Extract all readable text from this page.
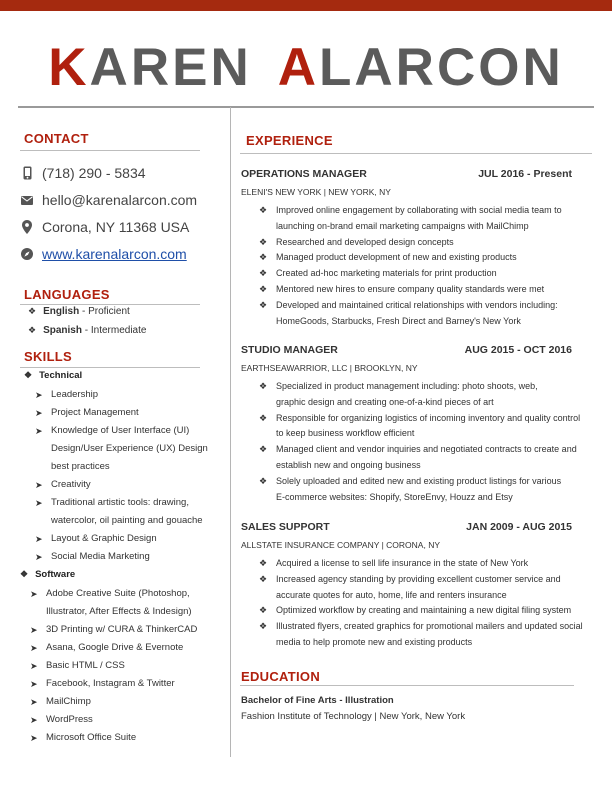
KAREN ALARCON
CONTACT
(718) 290 - 5834
hello@karenalarcon.com
Corona, NY 11368 USA
www.karenalarcon.com
LANGUAGES
❖ English - Proficient
❖ Spanish - Intermediate
SKILLS
❖ Technical
➤ Leadership
➤ Project Management
➤ Knowledge of User Interface (UI)
Design/User Experience (UX) Design
best practices
➤ Creativity
➤ Traditional artistic tools: drawing,
watercolor, oil painting and gouache
➤ Layout & Graphic Design
➤ Social Media Marketing
❖ Software
➤ Adobe Creative Suite (Photoshop,
Illustrator, After Effects & Indesign)
➤ 3D Printing w/ CURA & ThinkerCAD
➤ Asana, Google Drive & Evernote
➤ Basic HTML / CSS
➤ Facebook, Instagram & Twitter
➤ MailChimp
➤ WordPress
➤ Microsoft Office Suite
EXPERIENCE
OPERATIONS MANAGER	JUL 2016 - Present
ELENI'S NEW YORK | NEW YORK, NY
❖ Improved online engagement by collaborating with social media team to
launching on-brand email marketing campaigns with MailChimp
❖ Researched and developed design concepts
❖ Managed product development of new and existing products
❖ Created ad-hoc marketing materials for print production
❖ Mentored new hires to ensure company quality standards were met
❖ Developed and maintained critical relationships with vendors including:
HomeGoods, Starbucks, Fresh Direct and Barney's New York
STUDIO MANAGER	AUG 2015 - OCT 2016
EARTHSEAWARRIOR, LLC | BROOKLYN, NY
❖ Specialized in product management including: photo shoots, web,
graphic design and creating one-of-a-kind pieces of art
❖ Responsible for organizing logistics of incoming inventory and quality control
to keep business workflow efficient
❖ Managed client and vendor inquiries and negotiated contracts to create and
establish new and ongoing business
❖ Solely uploaded and edited new and existing product listings for various
E-commerce websites: Shopify, StoreEnvy, Houzz and Etsy
SALES SUPPORT	JAN 2009 - AUG 2015
ALLSTATE INSURANCE COMPANY | CORONA, NY
❖ Acquired a license to sell life insurance in the state of New York
❖ Increased agency standing by providing excellent customer service and
accurate quotes for auto, home, life and renters insurance
❖ Optimized workflow by creating and maintaining a new digital filing system
❖ Illustrated flyers, created graphics for promotional mailers and updated social
media to help promote new and existing products
EDUCATION
Bachelor of Fine Arts - Illustration
Fashion Institute of Technology | New York, New York
